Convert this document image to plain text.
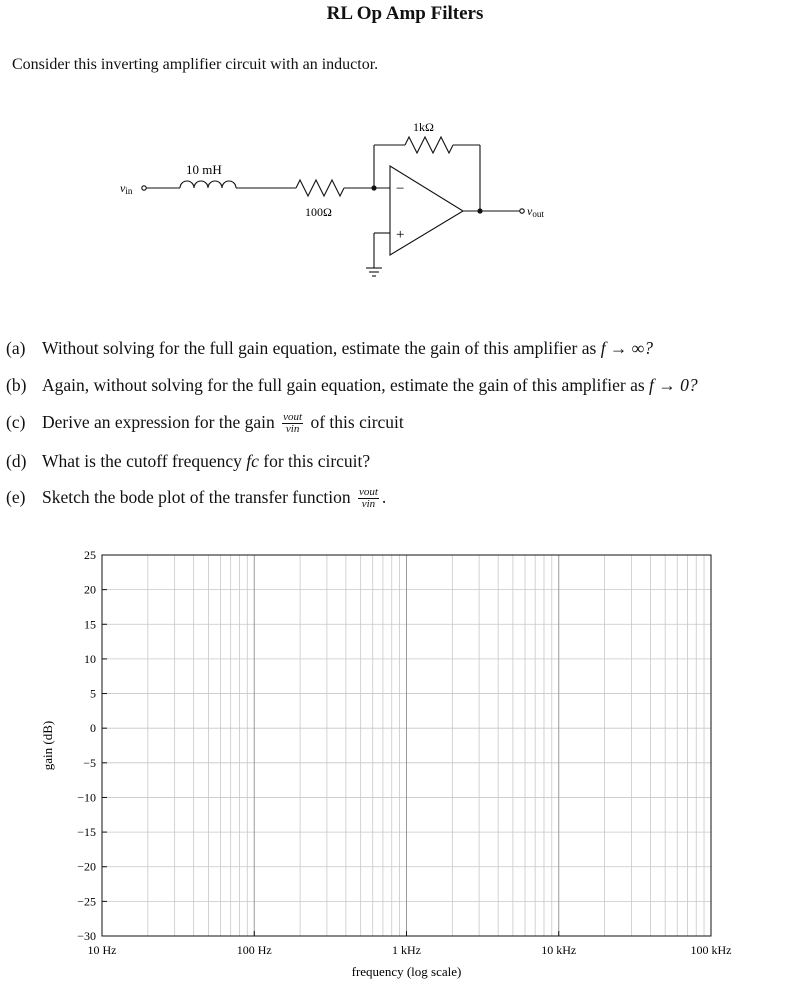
RL Op Amp Filters
Consider this inverting amplifier circuit with an inductor.
−
+
vin
vout
10 mH
100Ω
1kΩ
(a) Without solving for the full gain equation, estimate the gain of this amplifier as f → ∞?
(b) Again, without solving for the full gain equation, estimate the gain of this amplifier as f → 0?
(c) Derive an expression for the gain $\frac{\text{vout}}{\text{vin}}$ of this circuit
(d) What is the cutoff frequency fc for this circuit?
(e) Sketch the bode plot of the transfer function $\frac{\text{vout}}{\text{vin}}$ .
25
20
15
10
5
0
−5
−10
−15
−20
−25
−30
10 Hz	100 Hz	1 kHz	10 kHz	100 kHz
frequency (log scale)
gain (dB)
